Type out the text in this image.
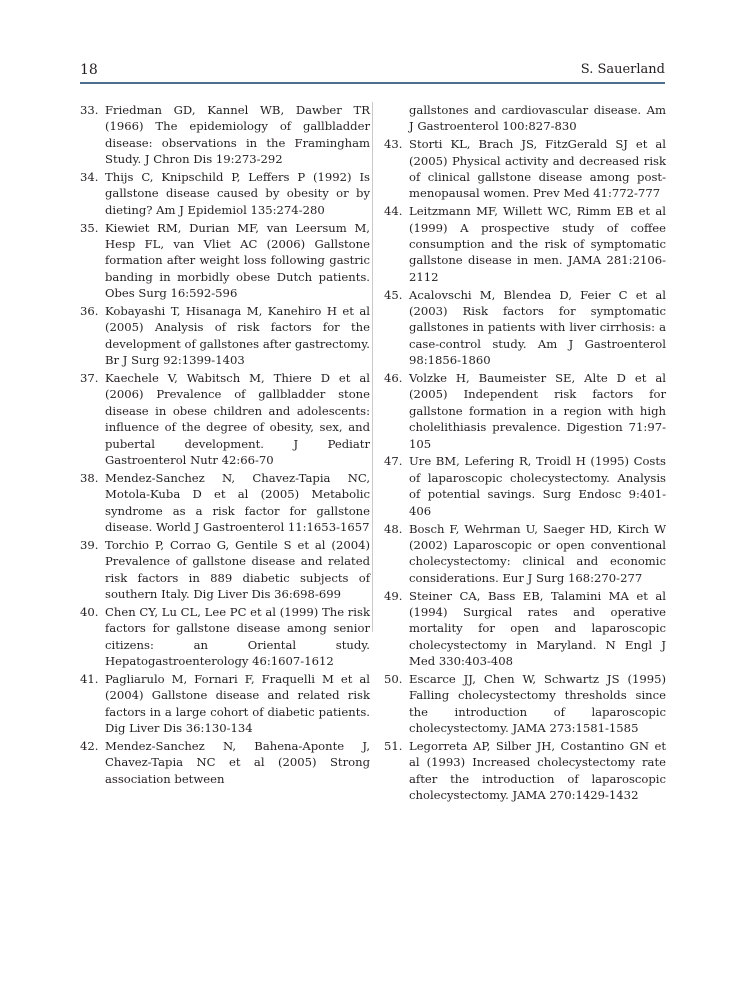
18	S. Sauerland
33. Friedman GD, Kannel WB, Dawber TR (1966) The epidemiology of gallbladder disease: observations in the Framingham Study. J Chron Dis 19:273-292
34. Thijs C, Knipschild P, Leffers P (1992) Is gallstone disease caused by obesity or by dieting? Am J Epidemiol 135:274-280
35. Kiewiet RM, Durian MF, van Leersum M, Hesp FL, van Vliet AC (2006) Gallstone formation after weight loss following gastric banding in morbidly obese Dutch patients. Obes Surg 16:592-596
36. Kobayashi T, Hisanaga M, Kanehiro H et al (2005) Analysis of risk factors for the development of gallstones after gastrectomy. Br J Surg 92:1399-1403
37. Kaechele V, Wabitsch M, Thiere D et al (2006) Prevalence of gallbladder stone disease in obese children and adolescents: influence of the degree of obesity, sex, and pubertal development. J Pediatr Gastroenterol Nutr 42:66-70
38. Mendez-Sanchez N, Chavez-Tapia NC, Motola-Kuba D et al (2005) Metabolic syndrome as a risk factor for gallstone disease. World J Gastroenterol 11:1653-1657
39. Torchio P, Corrao G, Gentile S et al (2004) Prevalence of gallstone disease and related risk factors in 889 diabetic subjects of southern Italy. Dig Liver Dis 36:698-699
40. Chen CY, Lu CL, Lee PC et al (1999) The risk factors for gallstone disease among senior citizens: an Oriental study. Hepatogastroenterology 46:1607-1612
41. Pagliarulo M, Fornari F, Fraquelli M et al (2004) Gallstone disease and related risk factors in a large cohort of diabetic patients. Dig Liver Dis 36:130-134
42. Mendez-Sanchez N, Bahena-Aponte J, Chavez-Tapia NC et al (2005) Strong association between
gallstones and cardiovascular disease. Am J Gastroenterol 100:827-830
43. Storti KL, Brach JS, FitzGerald SJ et al (2005) Physical activity and decreased risk of clinical gallstone disease among post-menopausal women. Prev Med 41:772-777
44. Leitzmann MF, Willett WC, Rimm EB et al (1999) A prospective study of coffee consumption and the risk of symptomatic gallstone disease in men. JAMA 281:2106-2112
45. Acalovschi M, Blendea D, Feier C et al (2003) Risk factors for symptomatic gallstones in patients with liver cirrhosis: a case-control study. Am J Gastroenterol 98:1856-1860
46. Volzke H, Baumeister SE, Alte D et al (2005) Independent risk factors for gallstone formation in a region with high cholelithiasis prevalence. Digestion 71:97-105
47. Ure BM, Lefering R, Troidl H (1995) Costs of laparoscopic cholecystectomy. Analysis of potential savings. Surg Endosc 9:401-406
48. Bosch F, Wehrman U, Saeger HD, Kirch W (2002) Laparoscopic or open conventional cholecystectomy: clinical and economic considerations. Eur J Surg 168:270-277
49. Steiner CA, Bass EB, Talamini MA et al (1994) Surgical rates and operative mortality for open and laparoscopic cholecystectomy in Maryland. N Engl J Med 330:403-408
50. Escarce JJ, Chen W, Schwartz JS (1995) Falling cholecystectomy thresholds since the introduction of laparoscopic cholecystectomy. JAMA 273:1581-1585
51. Legorreta AP, Silber JH, Costantino GN et al (1993) Increased cholecystectomy rate after the introduction of laparoscopic cholecystectomy. JAMA 270:1429-1432
